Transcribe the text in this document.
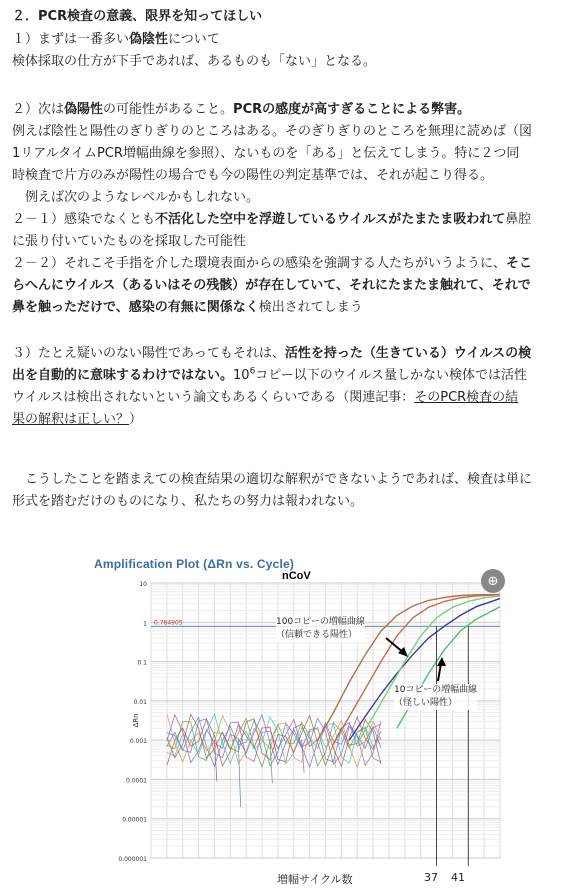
２．PCR検査の意義、限界を知ってほしい
１）まずは一番多い偽陰性について
検体採取の仕方が下手であれば、あるものも「ない」となる。
２）次は偽陽性の可能性があること。PCRの感度が高すぎることによる弊害。
例えば陰性と陽性のぎりぎりのところはある。そのぎりぎりのところを無理に読めば（図
1リアルタイムPCR増幅曲線を参照）、ないものを「ある」と伝えてしまう。特に２つ同
時検査で片方のみが陽性の場合でも今の陽性の判定基準では、それが起こり得る。
　例えば次のようなレベルかもしれない。
２－１）感染でなくとも不活化した空中を浮遊しているウイルスがたまたま吸われて鼻腔
に張り付いていたものを採取した可能性
２－２）それこそ手指を介した環境表面からの感染を強調する人たちがいうように、そこ
らへんにウイルス（あるいはその残骸）が存在していて、それにたまたま触れて、それで
鼻を触っただけで、感染の有無に関係なく検出されてしまう
３）たとえ疑いのない陽性であってもそれは、活性を持った（生きている）ウイルスの検
出を自動的に意味するわけではない。$10^6$コピー以下のウイルス量しかない検体では活性
ウイルスは検出されないという論文もあるくらいである（関連記事：そのPCR検査の結
果の解釈は正しい？）
　こうしたことを踏まえての検査結果の適切な解釈ができないようであれば、検査は単に
形式を踏むだけのものになり、私たちの努力は報われない。
Amplification Plot (ΔRn vs. Cycle)
nCoV
0.000001
0.00001
0.0001
0.001
0.01
0.1
1
10
ΔRn
0.784905	100コピーの増幅曲線
（信頼できる陽性）
10コピーの増幅曲線
（怪しい陽性）
⊕
増幅サイクル数	37 41
